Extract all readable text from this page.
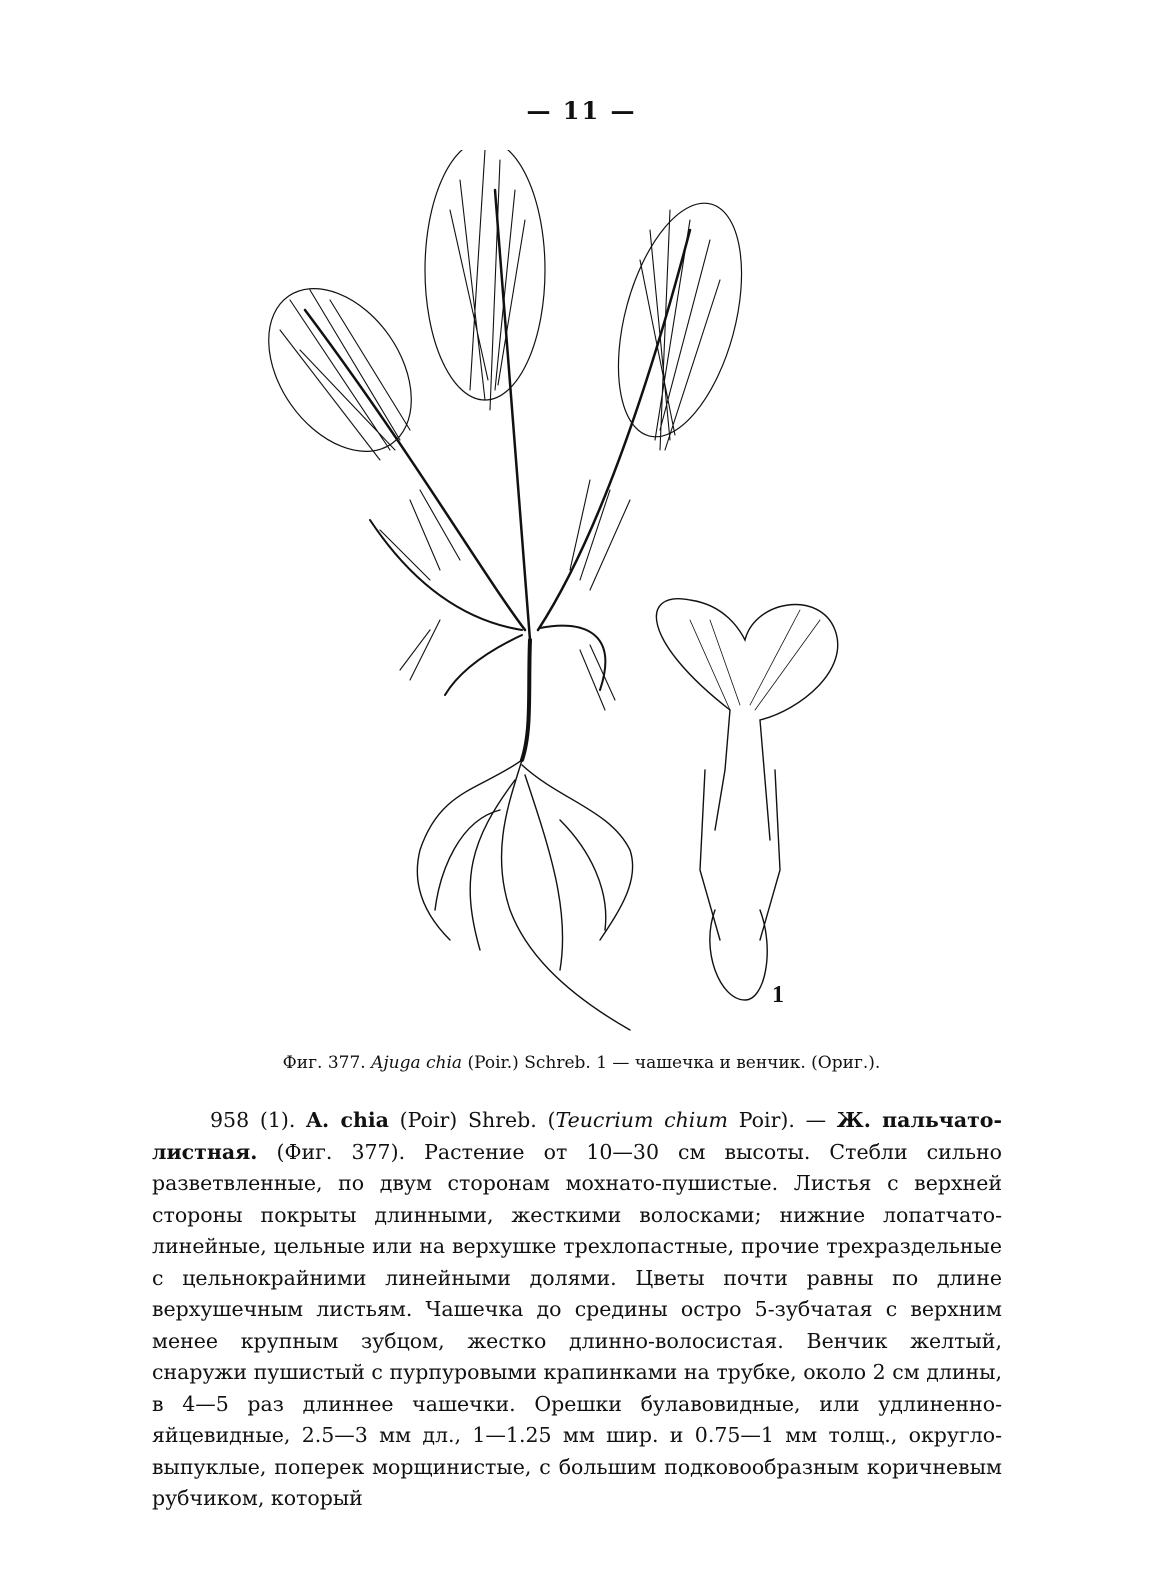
— 11 —
1
Фиг. 377. Ajuga chia (Poir.) Schreb. 1 — чашечка и венчик. (Ориг.).

958 (1). A. chia (Poir) Shreb. (Teucrium chium Poir). — Ж. пальчато-листная. (Фиг. 377). Растение от 10—30 см высоты. Стебли сильно разветвленные, по двум сторонам мохнато-пушистые. Листья с верхней стороны покрыты длинными, жесткими волосками; нижние лопатчато-линейные, цельные или на верхушке трехлопастные, прочие трехраздельные с цельнокрайними линейными долями. Цветы почти равны по длине верхушечным листьям. Чашечка до средины остро 5-зубчатая с верхним менее крупным зубцом, жестко длинно-волосистая. Венчик желтый, снаружи пушистый с пурпуровыми крапинками на трубке, около 2 см длины, в 4—5 раз длиннее чашечки. Орешки булавовидные, или удлиненно-яйцевидные, 2.5—3 мм дл., 1—1.25 мм шир. и 0.75—1 мм толщ., округло-выпуклые, поперек морщинистые, с большим подковообразным коричневым рубчиком, который
